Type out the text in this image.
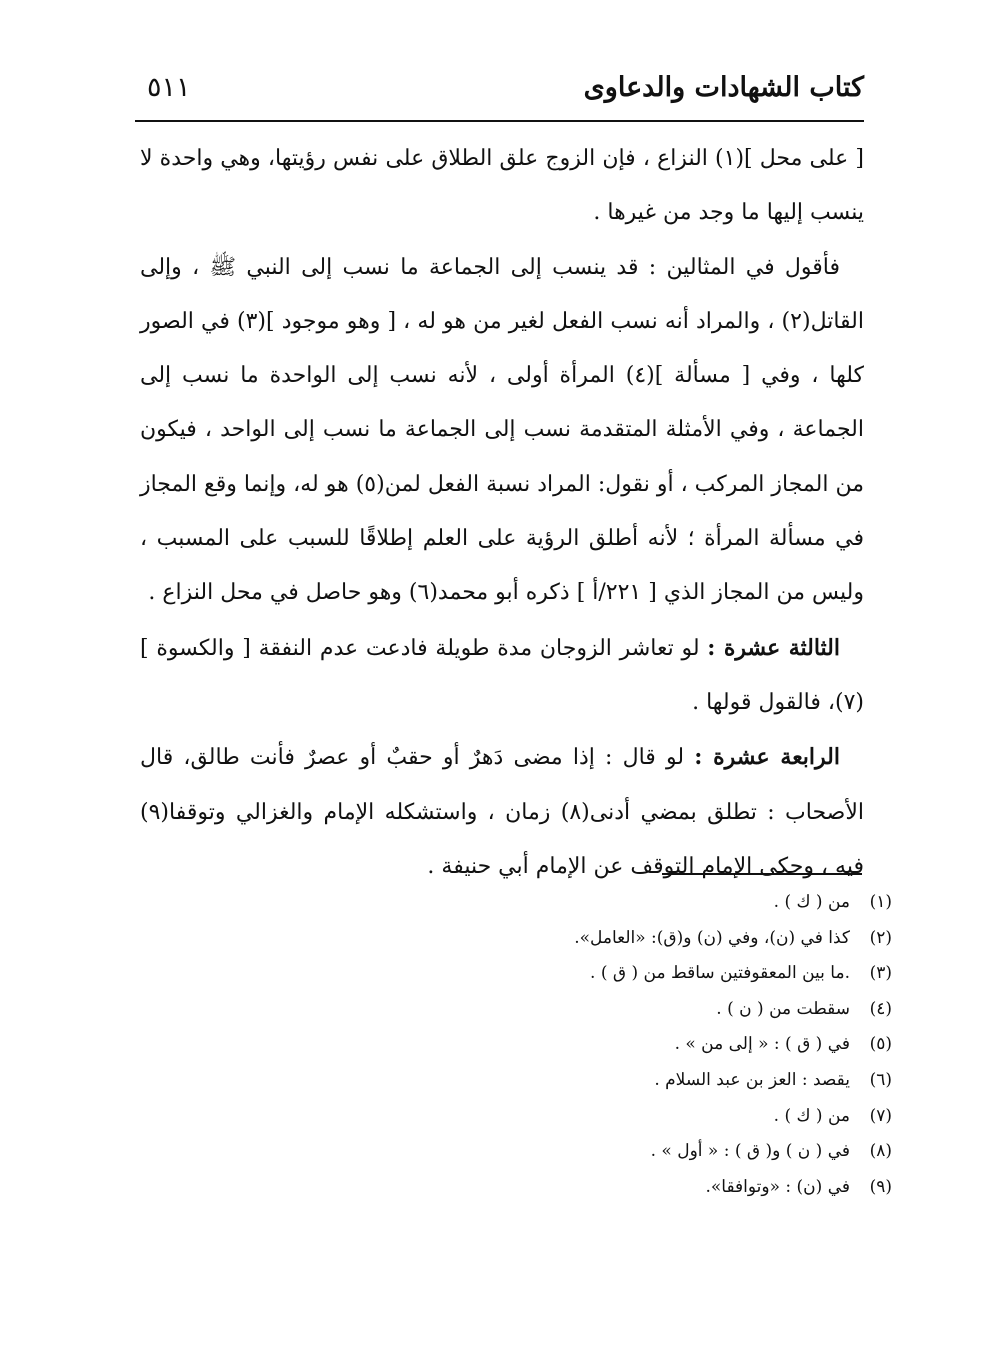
كتاب الشهادات والدعاوى
٥١١

[ على محل ](١) النزاع ، فإن الزوج علق الطلاق على نفس رؤيتها، وهي واحدة لا ينسب إليها ما وجد من غيرها .

فأقول في المثالين : قد ينسب إلى الجماعة ما نسب إلى النبي ﷺ ، وإلى القاتل(٢) ، والمراد أنه نسب الفعل لغير من هو له ، [ وهو موجود ](٣) في الصور كلها ، وفي [ مسألة ](٤) المرأة أولى ، لأنه نسب إلى الواحدة ما نسب إلى الجماعة ، وفي الأمثلة المتقدمة نسب إلى الجماعة ما نسب إلى الواحد ، فيكون من المجاز المركب ، أو نقول: المراد نسبة الفعل لمن(٥) هو له، وإنما وقع المجاز في مسألة المرأة ؛ لأنه أطلق الرؤية على العلم إطلاقًا للسبب على المسبب ، وليس من المجاز الذي [ ٢٢١/أ ] ذكره أبو محمد(٦) وهو حاصل في محل النزاع .

الثالثة عشرة : لو تعاشر الزوجان مدة طويلة فادعت عدم النفقة [ والكسوة ](٧)، فالقول قولها .

الرابعة عشرة : لو قال : إذا مضى دَهرٌ أو حقبٌ أو عصرٌ فأنت طالق، قال الأصحاب : تطلق بمضي أدنى(٨) زمان ، واستشكله الإمام والغزالي وتوقفا(٩) فيه ، وحكى الإمام التوقف عن الإمام أبي حنيفة .

(١)
من ( ك ) .
(٢)
كذا في (ن)، وفي (ن) و(ق): «العامل».
(٣)
.ما بين المعقوفتين ساقط من ( ق ) .
(٤)
سقطت من ( ن ) .
(٥)
في ( ق ) : « إلى من » .
(٦)
يقصد : العز بن عبد السلام .
(٧)
من ( ك ) .
(٨)
في ( ن ) و( ق ) : « أول » .
(٩)
في (ن) : «وتوافقا».
